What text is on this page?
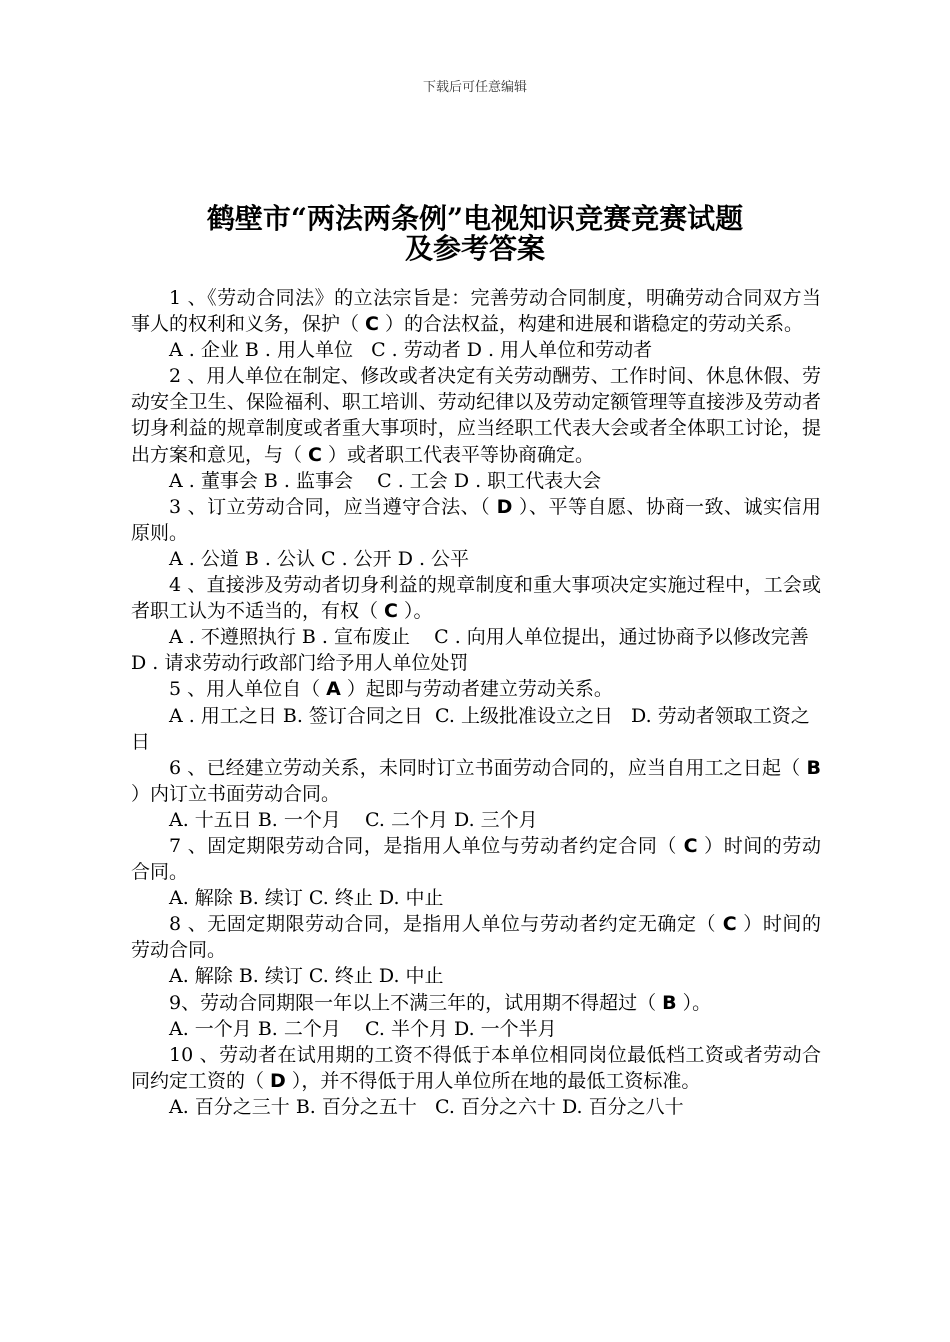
下载后可任意编辑
鹤壁市“两法两条例”电视知识竞赛竞赛试题
及参考答案

1 、《劳动合同法》的立法宗旨是：完善劳动合同制度，明确劳动合同双方当事人的权利和义务，保护（ C ）的合法权益，构建和进展和谐稳定的劳动关系。

A . 企业 B . 用人单位   C . 劳动者 D . 用人单位和劳动者

2 、用人单位在制定、修改或者决定有关劳动酬劳、工作时间、休息休假、劳动安全卫生、保险福利、职工培训、劳动纪律以及劳动定额管理等直接涉及劳动者切身利益的规章制度或者重大事项时，应当经职工代表大会或者全体职工讨论，提出方案和意见，与（ C ）或者职工代表平等协商确定。

A . 董事会 B . 监事会    C . 工会 D . 职工代表大会

3 、订立劳动合同，应当遵守合法、（ D ）、平等自愿、协商一致、诚实信用原则。

A . 公道 B . 公认 C . 公开 D . 公平

4 、直接涉及劳动者切身利益的规章制度和重大事项决定实施过程中，工会或者职工认为不适当的，有权（ C ）。

A . 不遵照执行 B . 宣布废止    C . 向用人单位提出，通过协商予以修改完善    D . 请求劳动行政部门给予用人单位处罚

5 、用人单位自（ A ）起即与劳动者建立劳动关系。

A . 用工之日 B. 签订合同之日  C. 上级批准设立之日   D. 劳动者领取工资之日

6 、已经建立劳动关系，未同时订立书面劳动合同的，应当自用工之日起（ B ）内订立书面劳动合同。

A. 十五日 B. 一个月    C. 二个月 D. 三个月

7 、固定期限劳动合同，是指用人单位与劳动者约定合同（ C ）时间的劳动合同。

A. 解除 B. 续订 C. 终止 D. 中止

8 、无固定期限劳动合同，是指用人单位与劳动者约定无确定（ C ）时间的劳动合同。

A. 解除 B. 续订 C. 终止 D. 中止

9、劳动合同期限一年以上不满三年的，试用期不得超过（ B ）。

A. 一个月 B. 二个月    C. 半个月 D. 一个半月

10 、劳动者在试用期的工资不得低于本单位相同岗位最低档工资或者劳动合同约定工资的（ D ），并不得低于用人单位所在地的最低工资标准。

A. 百分之三十 B. 百分之五十   C. 百分之六十 D. 百分之八十
